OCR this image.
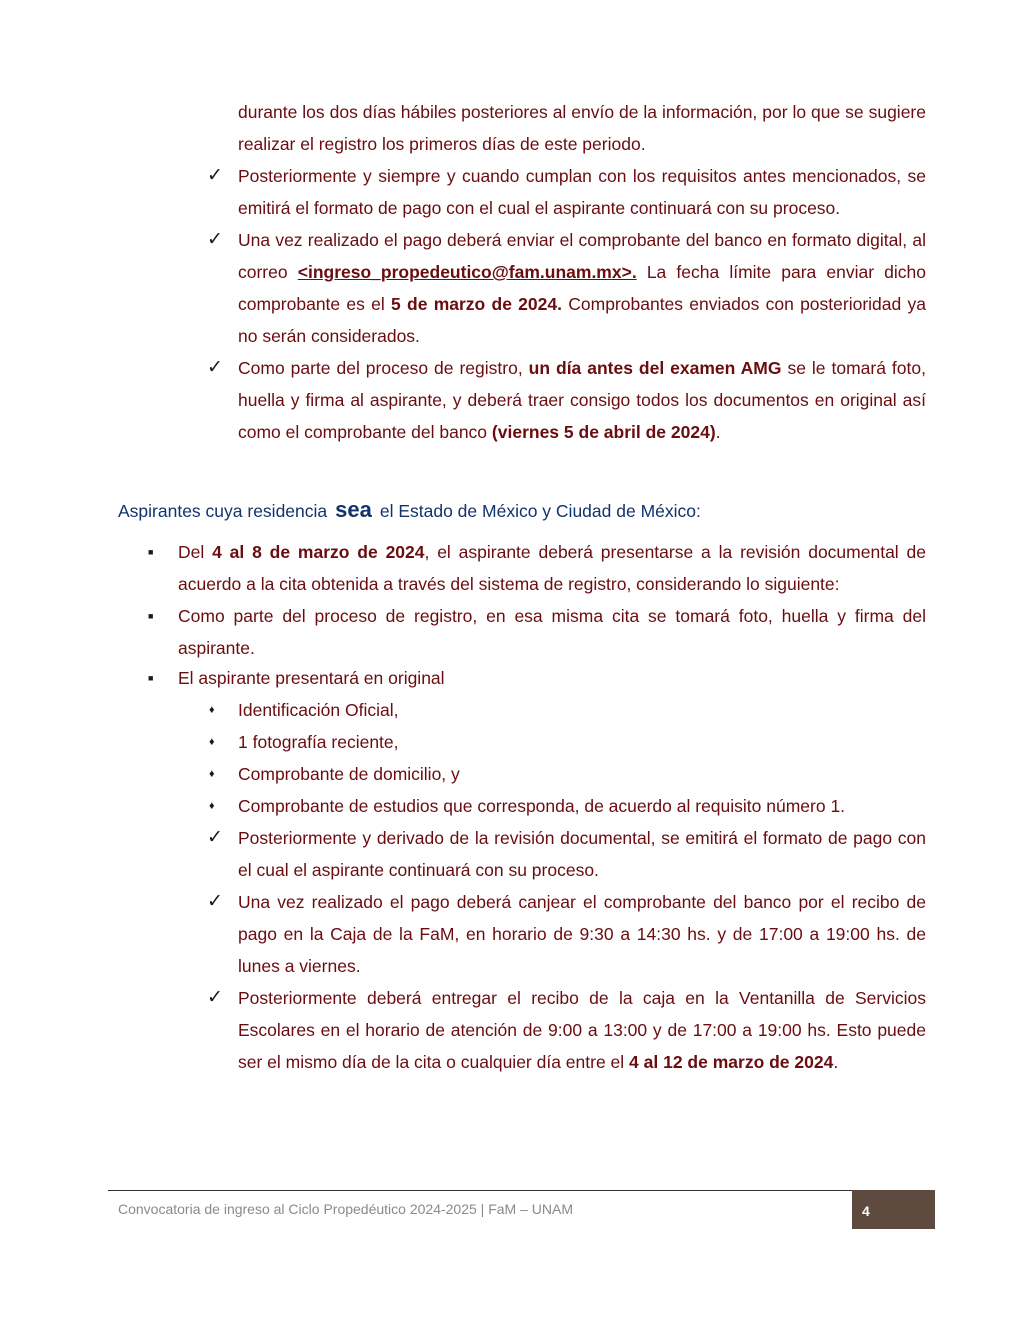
durante los dos días hábiles posteriores al envío de la información, por lo que se sugiere realizar el registro los primeros días de este periodo.
✓ Posteriormente y siempre y cuando cumplan con los requisitos antes mencionados, se emitirá el formato de pago con el cual el aspirante continuará con su proceso.
✓ Una vez realizado el pago deberá enviar el comprobante del banco en formato digital, al correo <ingreso_propedeutico@fam.unam.mx>. La fecha límite para enviar dicho comprobante es el 5 de marzo de 2024. Comprobantes enviados con posterioridad ya no serán considerados.
✓ Como parte del proceso de registro, un día antes del examen AMG se le tomará foto, huella y firma al aspirante, y deberá traer consigo todos los documentos en original así como el comprobante del banco (viernes 5 de abril de 2024).
Aspirantes cuya residencia sea el Estado de México y Ciudad de México:
■ Del 4 al 8 de marzo de 2024, el aspirante deberá presentarse a la revisión documental de acuerdo a la cita obtenida a través del sistema de registro, considerando lo siguiente:
■ Como parte del proceso de registro, en esa misma cita se tomará foto, huella y firma del aspirante.
■ El aspirante presentará en original
♦ Identificación Oficial,
♦ 1 fotografía reciente,
♦ Comprobante de domicilio, y
♦ Comprobante de estudios que corresponda, de acuerdo al requisito número 1.
✓ Posteriormente y derivado de la revisión documental, se emitirá el formato de pago con el cual el aspirante continuará con su proceso.
✓ Una vez realizado el pago deberá canjear el comprobante del banco por el recibo de pago en la Caja de la FaM, en horario de 9:30 a 14:30 hs. y de 17:00 a 19:00 hs. de lunes a viernes.
✓ Posteriormente deberá entregar el recibo de la caja en la Ventanilla de Servicios Escolares en el horario de atención de 9:00 a 13:00 y de 17:00 a 19:00 hs. Esto puede ser el mismo día de la cita o cualquier día entre el 4 al 12 de marzo de 2024.
Convocatoria de ingreso al Ciclo Propedéutico 2024-2025 | FaM – UNAM	4
